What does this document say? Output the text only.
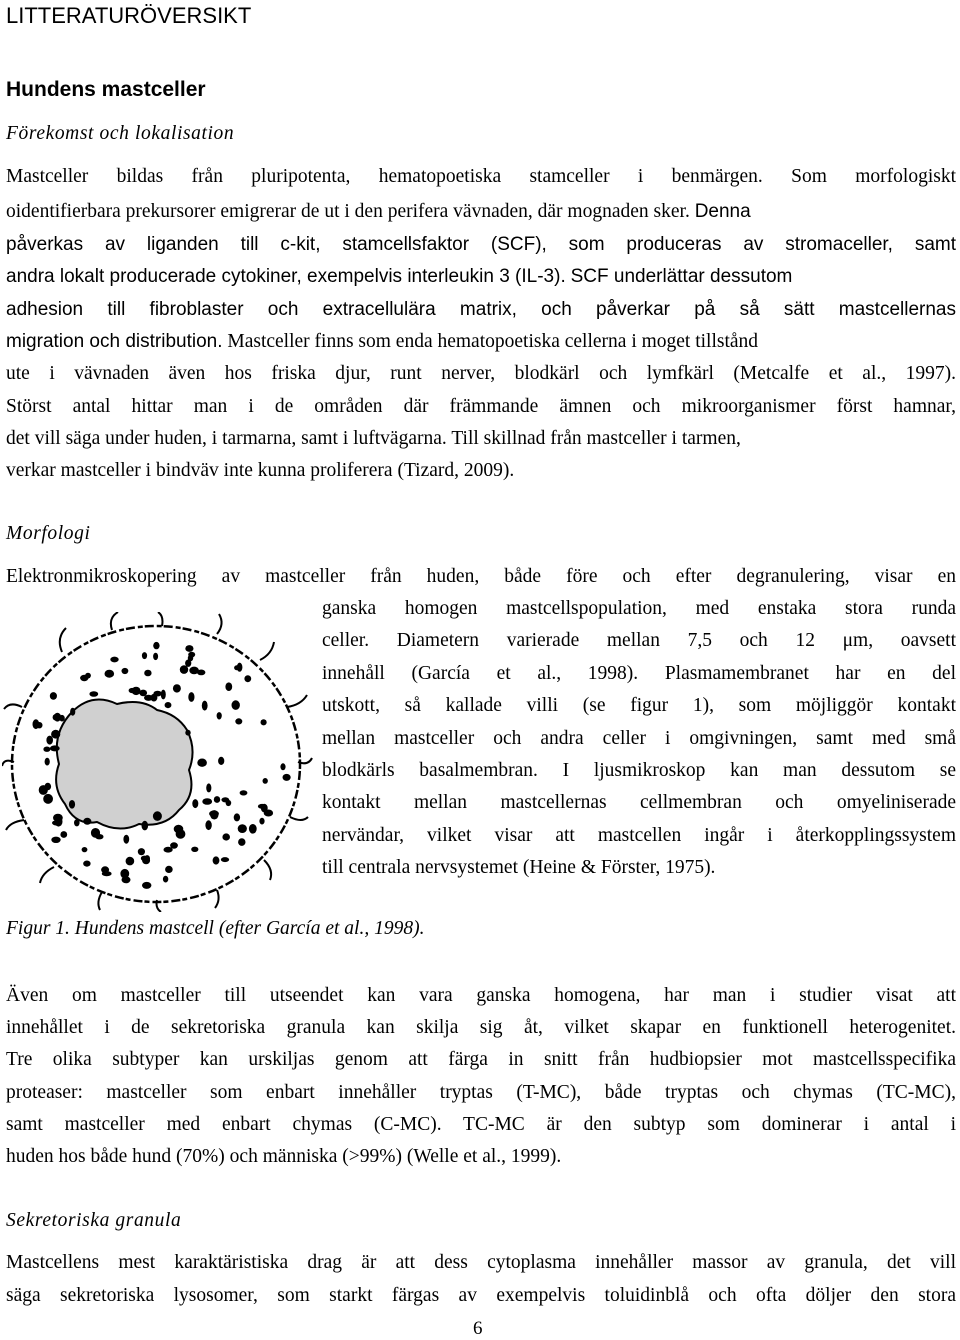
LITTERATURÖVERSIKT
Hundens mastceller
Förekomst och lokalisation
Mastceller bildas från pluripotenta, hematopoetiska stamceller i benmärgen. Som morfologiskt
oidentifierbara prekursorer emigrerar de ut i den perifera vävnaden, där mognaden sker. Denna
påverkas av liganden till c-kit, stamcellsfaktor (SCF), som produceras av stromaceller, samt
andra lokalt producerade cytokiner, exempelvis interleukin 3 (IL-3). SCF underlättar dessutom
adhesion till fibroblaster och extracellulära matrix, och påverkar på så sätt mastcellernas
migration och distribution. Mastceller finns som enda hematopoetiska cellerna i moget tillstånd
ute i vävnaden även hos friska djur, runt nerver, blodkärl och lymfkärl (Metcalfe et al., 1997).
Störst antal hittar man i de områden där främmande ämnen och mikroorganismer först hamnar,
det vill säga under huden, i tarmarna, samt i luftvägarna. Till skillnad från mastceller i tarmen,
verkar mastceller i bindväv inte kunna proliferera (Tizard, 2009).
Morfologi
Elektronmikroskopering av mastceller från huden, både före och efter degranulering, visar en
ganska homogen mastcellspopulation, med enstaka stora runda
celler. Diametern varierade mellan 7,5 och 12 μm, oavsett
innehåll (García et al., 1998). Plasmamembranet har en del
utskott, så kallade villi (se figur 1), som möjliggör kontakt
mellan mastceller och andra celler i omgivningen, samt med små
blodkärls basalmembran. I ljusmikroskop kan man dessutom se
kontakt mellan mastcellernas cellmembran och omyeliniserade
nervändar, vilket visar att mastcellen ingår i återkopplingssystem
till centrala nervsystemet (Heine & Förster, 1975).
Figur 1. Hundens mastcell (efter García et al., 1998).
Även om mastceller till utseendet kan vara ganska homogena, har man i studier visat att
innehållet i de sekretoriska granula kan skilja sig åt, vilket skapar en funktionell heterogenitet.
Tre olika subtyper kan urskiljas genom att färga in snitt från hudbiopsier mot mastcellsspecifika
proteaser: mastceller som enbart innehåller tryptas (T-MC), både tryptas och chymas (TC-MC),
samt mastceller med enbart chymas (C-MC). TC-MC är den subtyp som dominerar i antal i
huden hos både hund (70%) och människa (>99%) (Welle et al., 1999).
Sekretoriska granula
Mastcellens mest karaktäristiska drag är att dess cytoplasma innehåller massor av granula, det vill
säga sekretoriska lysosomer, som starkt färgas av exempelvis toluidinblå och ofta döljer den stora
6
